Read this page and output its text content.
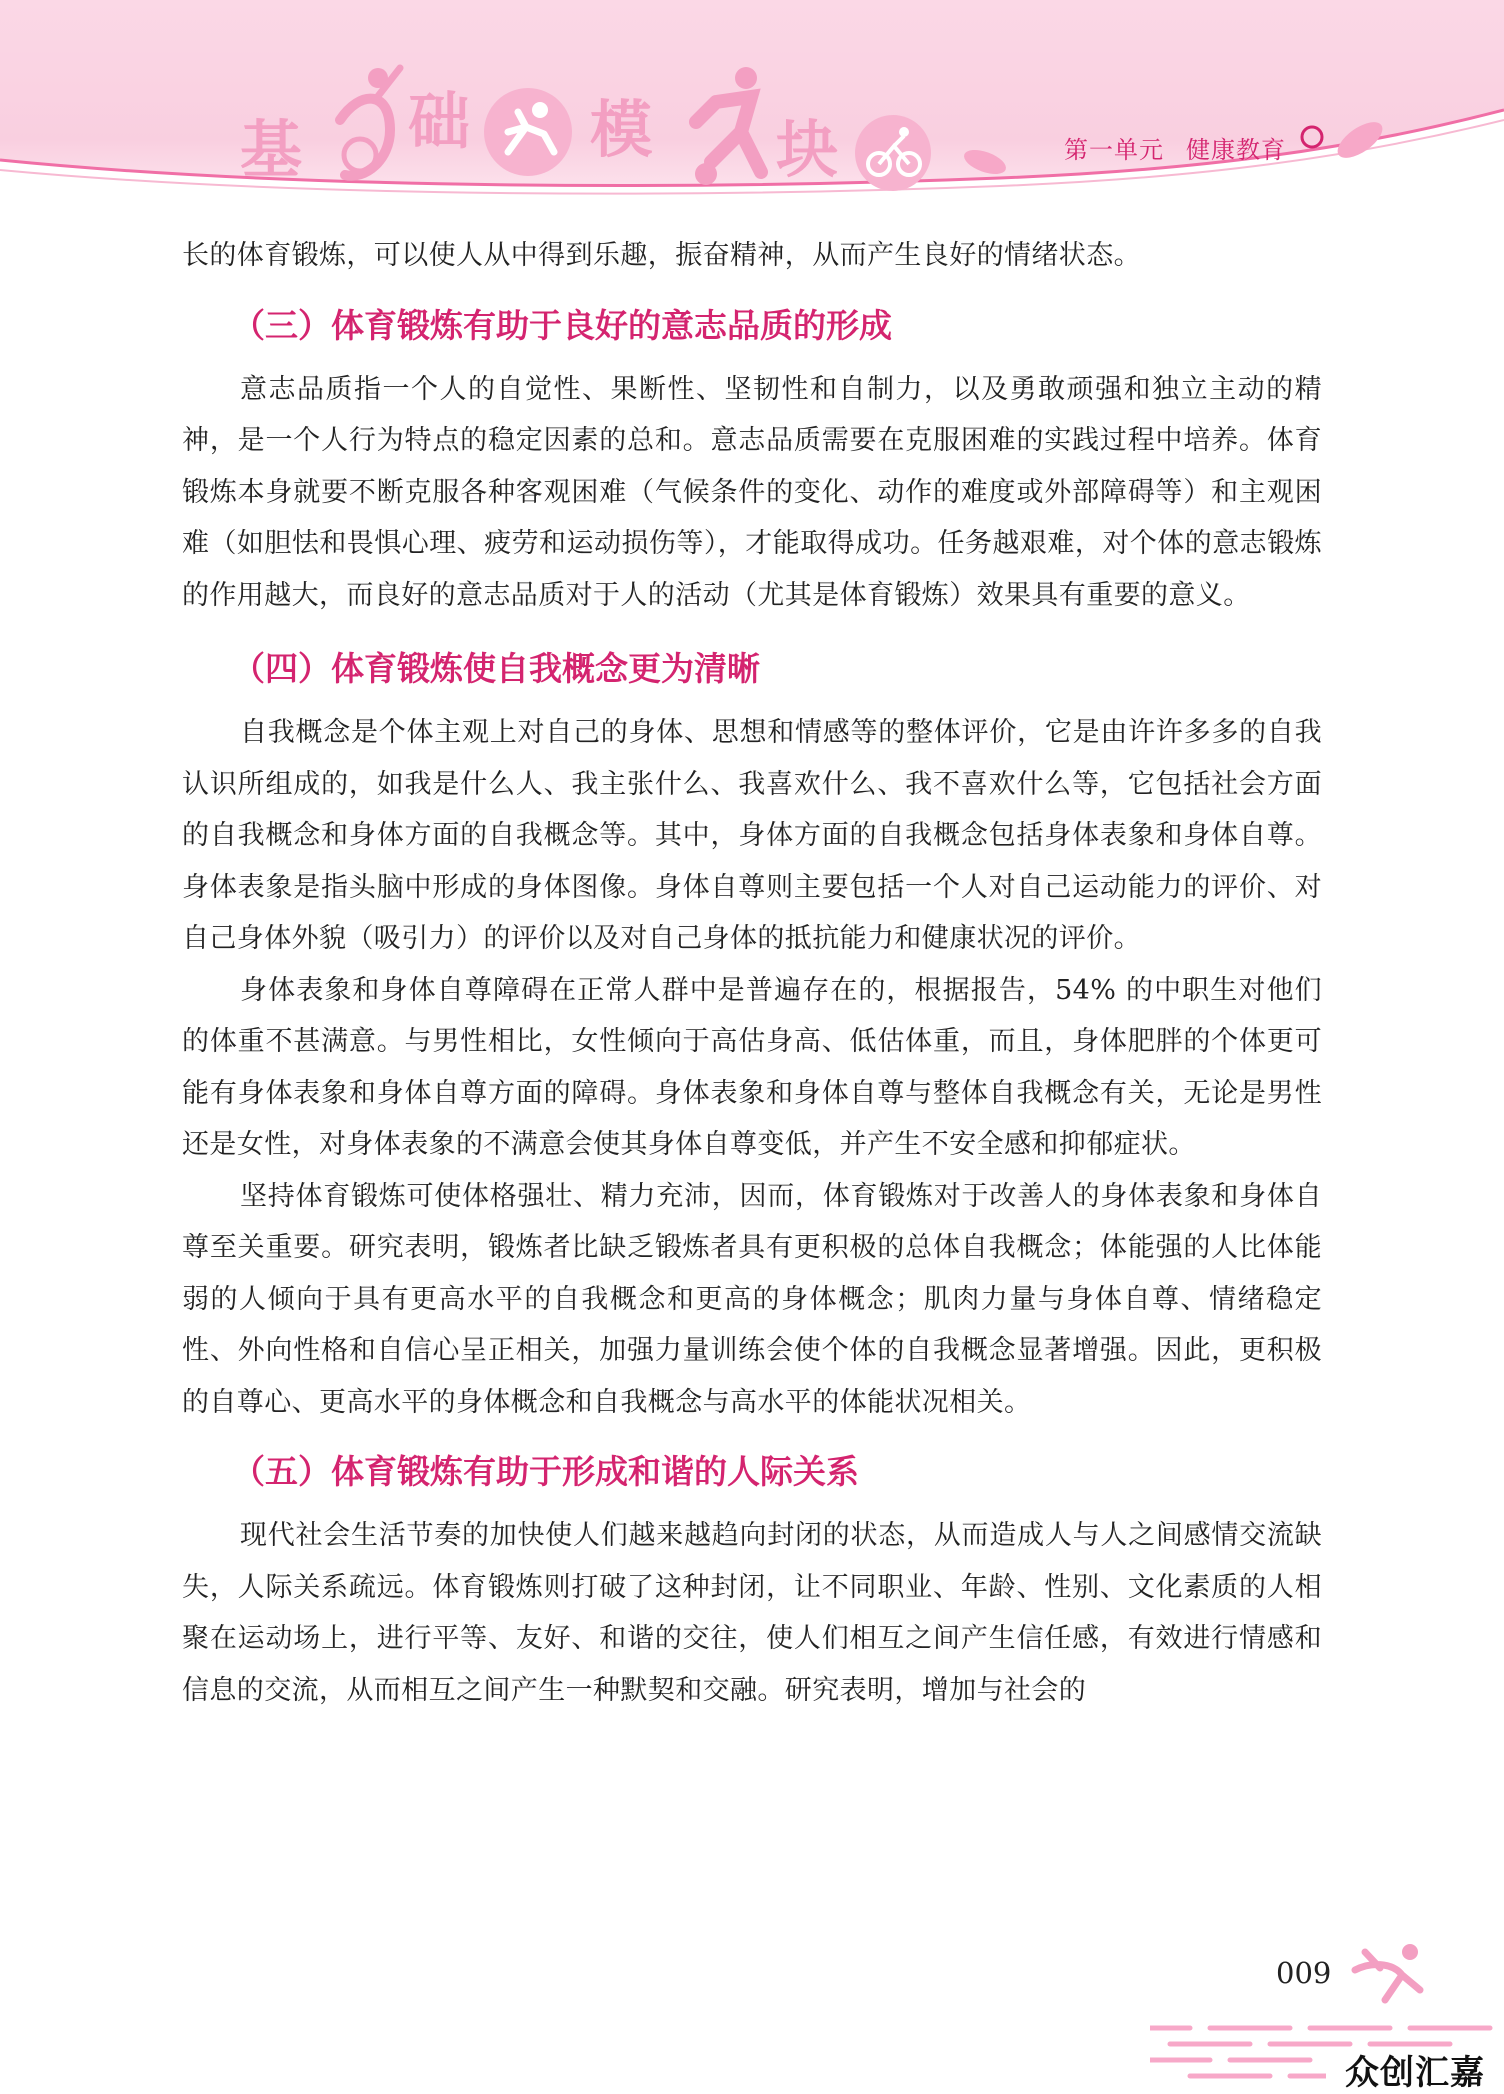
基 础 模 块	第一单元 健康教育

长的体育锻炼，可以使人从中得到乐趣，振奋精神，从而产生良好的情绪状态。

（三）体育锻炼有助于良好的意志品质的形成

意志品质指一个人的自觉性、果断性、坚韧性和自制力，以及勇敢顽强和独立主动的精神，是一个人行为特点的稳定因素的总和。意志品质需要在克服困难的实践过程中培养。体育锻炼本身就要不断克服各种客观困难（气候条件的变化、动作的难度或外部障碍等）和主观困难（如胆怯和畏惧心理、疲劳和运动损伤等），才能取得成功。任务越艰难，对个体的意志锻炼的作用越大，而良好的意志品质对于人的活动（尤其是体育锻炼）效果具有重要的意义。

（四）体育锻炼使自我概念更为清晰

自我概念是个体主观上对自己的身体、思想和情感等的整体评价，它是由许许多多的自我认识所组成的，如我是什么人、我主张什么、我喜欢什么、我不喜欢什么等，它包括社会方面的自我概念和身体方面的自我概念等。其中，身体方面的自我概念包括身体表象和身体自尊。身体表象是指头脑中形成的身体图像。身体自尊则主要包括一个人对自己运动能力的评价、对自己身体外貌（吸引力）的评价以及对自己身体的抵抗能力和健康状况的评价。

身体表象和身体自尊障碍在正常人群中是普遍存在的，根据报告，54% 的中职生对他们的体重不甚满意。与男性相比，女性倾向于高估身高、低估体重，而且，身体肥胖的个体更可能有身体表象和身体自尊方面的障碍。身体表象和身体自尊与整体自我概念有关，无论是男性还是女性，对身体表象的不满意会使其身体自尊变低，并产生不安全感和抑郁症状。

坚持体育锻炼可使体格强壮、精力充沛，因而，体育锻炼对于改善人的身体表象和身体自尊至关重要。研究表明，锻炼者比缺乏锻炼者具有更积极的总体自我概念；体能强的人比体能弱的人倾向于具有更高水平的自我概念和更高的身体概念；肌肉力量与身体自尊、情绪稳定性、外向性格和自信心呈正相关，加强力量训练会使个体的自我概念显著增强。因此，更积极的自尊心、更高水平的身体概念和自我概念与高水平的体能状况相关。

（五）体育锻炼有助于形成和谐的人际关系

现代社会生活节奏的加快使人们越来越趋向封闭的状态，从而造成人与人之间感情交流缺失，人际关系疏远。体育锻炼则打破了这种封闭，让不同职业、年龄、性别、文化素质的人相聚在运动场上，进行平等、友好、和谐的交往，使人们相互之间产生信任感，有效进行情感和信息的交流，从而相互之间产生一种默契和交融。研究表明，增加与社会的

009
众创汇嘉
